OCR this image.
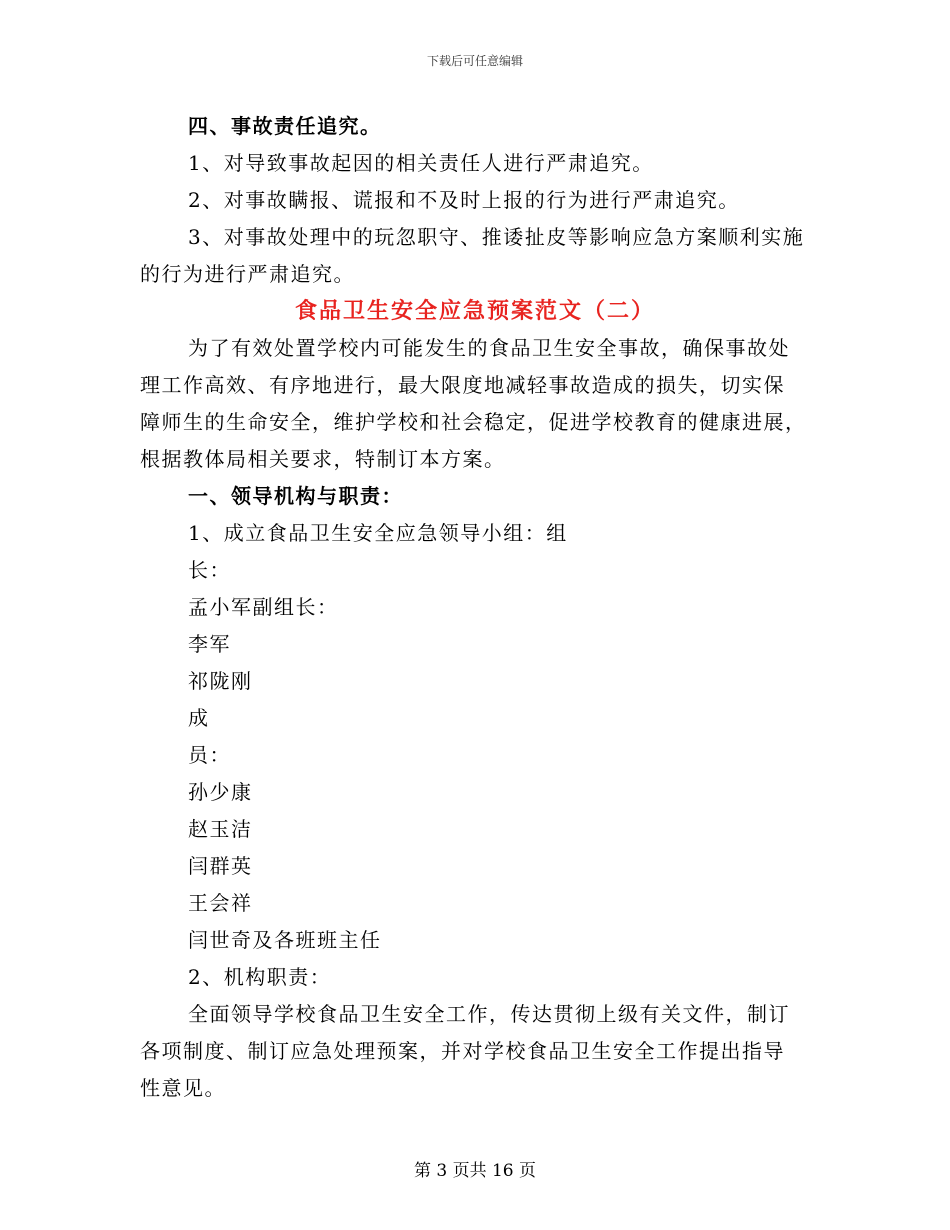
下载后可任意编辑
四、事故责任追究。
1、对导致事故起因的相关责任人进行严肃追究。
2、对事故瞒报、谎报和不及时上报的行为进行严肃追究。
3、对事故处理中的玩忽职守、推诿扯皮等影响应急方案顺利实施
的行为进行严肃追究。
食品卫生安全应急预案范文（二）
为了有效处置学校内可能发生的食品卫生安全事故，确保事故处
理工作高效、有序地进行，最大限度地减轻事故造成的损失，切实保
障师生的生命安全，维护学校和社会稳定，促进学校教育的健康进展，
根据教体局相关要求，特制订本方案。
一、领导机构与职责：
1、成立食品卫生安全应急领导小组：组
长：
孟小军副组长：
李军
祁陇刚
成
员：
孙少康
赵玉洁
闫群英
王会祥
闫世奇及各班班主任
2、机构职责：
全面领导学校食品卫生安全工作，传达贯彻上级有关文件，制订
各项制度、制订应急处理预案，并对学校食品卫生安全工作提出指导
性意见。
第 3 页共 16 页
